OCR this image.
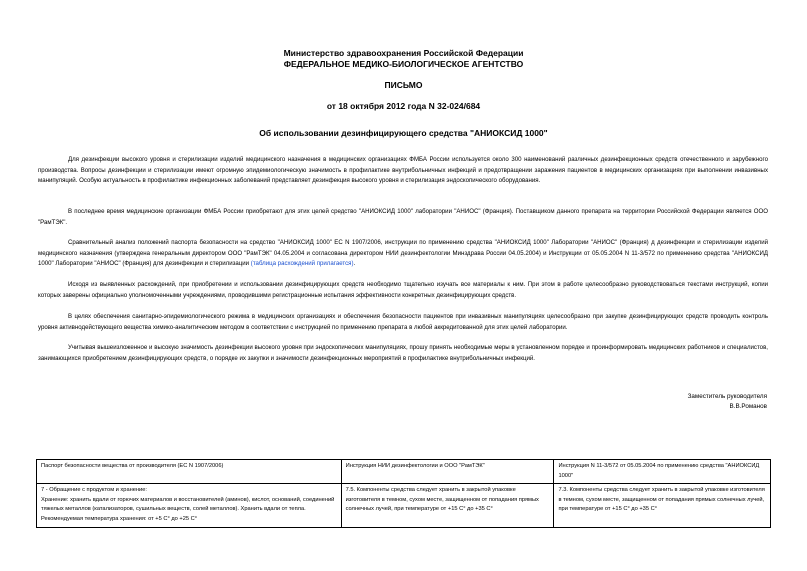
Министерство здравоохранения Российской Федерации
ФЕДЕРАЛЬНОЕ МЕДИКО-БИОЛОГИЧЕСКОЕ АГЕНТСТВО
ПИСЬМО
от 18 октября 2012 года N 32-024/684
Об использовании дезинфицирующего средства "АНИОКСИД 1000"
Для дезинфекции высокого уровня и стерилизации изделий медицинского назначения в медицинских организациях ФМБА России используется около 300 наименований различных дезинфекционных средств отечественного и зарубежного производства. Вопросы дезинфекции и стерилизации имеют огромную эпидемиологическую значимость в профилактике внутрибольничных инфекций и предотвращении заражения пациентов в медицинских организациях при выполнении инвазивных манипуляций. Особую актуальность в профилактике инфекционных заболеваний представляет дезинфекция высокого уровня и стерилизация эндоскопического оборудования.
В последнее время медицинские организации ФМБА России приобретают для этих целей средство "АНИОКСИД 1000" лаборатории "АНИОС" (Франция). Поставщиком данного препарата на территории Российской Федерации является ООО "РамТЭК".
Сравнительный анализ положений паспорта безопасности на средство "АНИОКСИД 1000" ЕС N 1907/2006, инструкции по применению средства "АНИОКСИД 1000" Лаборатории "АНИОС" (Франция) д дезинфекции и стерилизации изделий медицинского назначения (утверждена генеральным директором ООО "РамТЭК" 04.05.2004 и согласована директором НИИ дезинфектологии Минздрава России 04.05.2004) и Инструкции от 05.05.2004 N 11-3/572 по применению средства "АНИОКСИД 1000" Лаборатории "АНИОС" (Франция) для дезинфекции и стерилизации (таблица расхождений прилагается).
Исходя из выявленных расхождений, при приобретении и использовании дезинфицирующих средств необходимо тщательно изучать все материалы к ним. При этом в работе целесообразно руководствоваться текстами инструкций, копии которых заверены официально уполномоченными учреждениями, проводившими регистрационные испытания эффективности конкретных дезинфицирующих средств.
В целях обеспечения санитарно-эпидемиологического режима в медицинских организациях и обеспечения безопасности пациентов при инвазивных манипуляциях целесообразно при закупке дезинфицирующих средств проводить контроль уровня активнодействующего вещества химико-аналитическим методом в соответствии с инструкцией по применению препарата в любой аккредитованной для этих целей лаборатории.
Учитывая вышеизложенное и высокую значимость дезинфекции высокого уровня при эндоскопических манипуляциях, прошу принять необходимые меры в установленном порядке и проинформировать медицинских работников и специалистов, занимающихся приобретением дезинфицирующих средств, о порядке их закупки и значимости дезинфекционных мероприятий в профилактике внутрибольничных инфекций.
Заместитель руководителя
В.В.Романов
Паспорт безопасности вещества от производителя (ЕС N 1907/2006)	Инструкция НИИ дезинфектологии и ООО "РамТЭК"	Инструкция N 11-3/572 от 05.05.2004 по применению средства "АНИОКСИД 1000"
7 - Обращение с продуктом и хранение:
Хранение: хранить вдали от горючих материалов и восстановителей (аминов), кислот, оснований, соединений тяжелых металлов (катализаторов, сушильных веществ, солей металлов). Хранить вдали от тепла. Рекомендуемая температура хранения: от +5 С° до +25 С°	7.5. Компоненты средства следует хранить в закрытой упаковке изготовителя в темном, сухом месте, защищенном от попадания прямых солнечных лучей, при температуре от +15 С° до +35 С°	7.3. Компоненты средства следует хранить в закрытой упаковке изготовителя в темном, сухом месте, защищенном от попадания прямых солнечных лучей, при температуре от +15 С° до +35 С°
